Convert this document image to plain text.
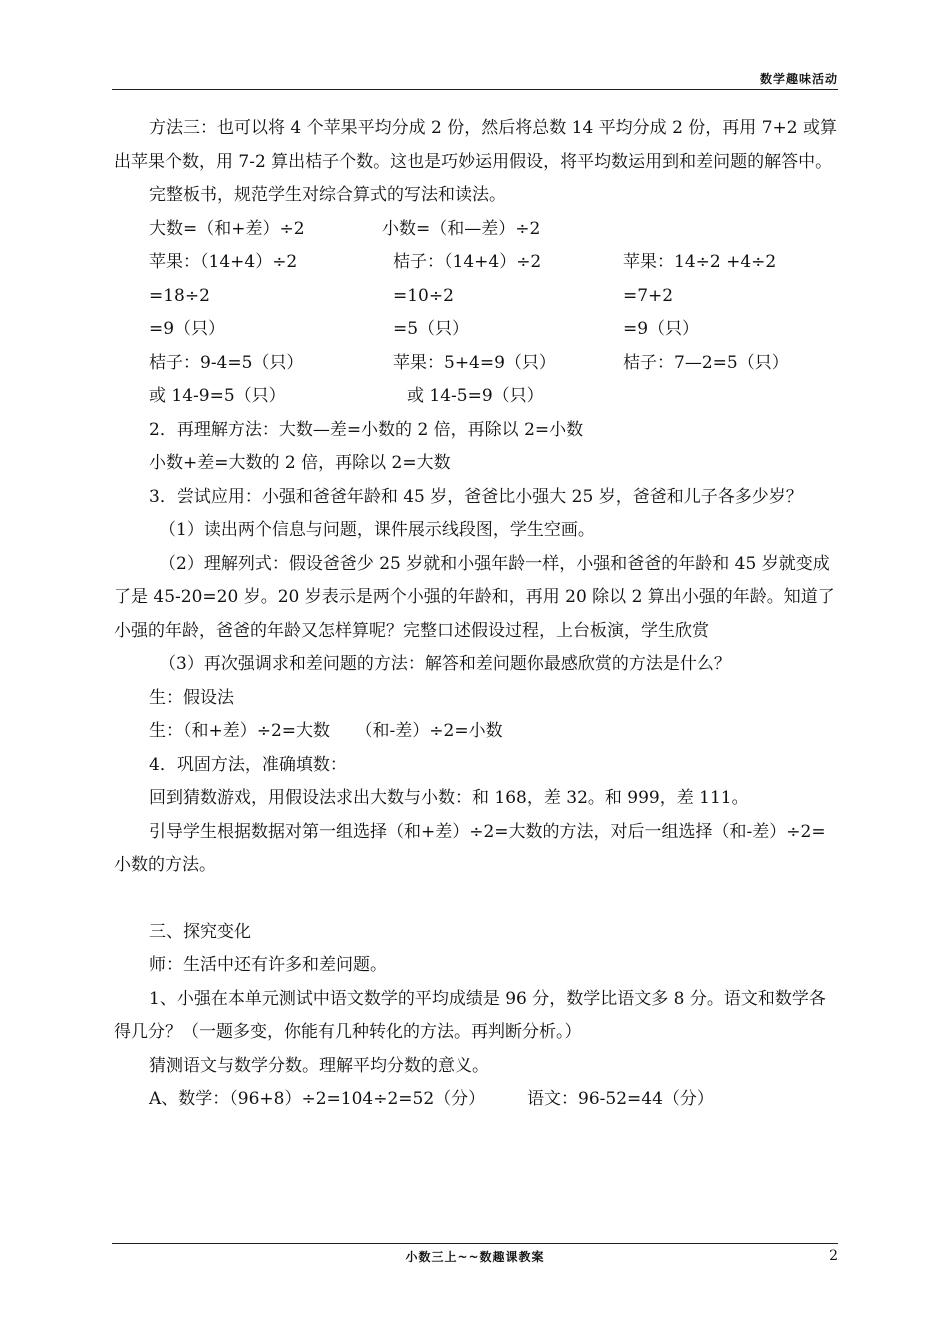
数学趣味活动

方法三：也可以将 4 个苹果平均分成 2 份，然后将总数 14 平均分成 2 份，再用 7+2 或算出苹果个数，用 7-2 算出桔子个数。这也是巧妙运用假设，将平均数运用到和差问题的解答中。

完整板书，规范学生对综合算式的写法和读法。

大数=（和+差）÷2	小数=（和—差）÷2
苹果：（14+4）÷2	桔子：（14+4）÷2	苹果：14÷2 +4÷2
=18÷2	=10÷2	=7+2
=9（只）	=5（只）	=9（只）
桔子：9-4=5（只）	苹果：5+4=9（只）	桔子：7—2=5（只）
或 14-9=5（只）	或 14-5=9（只）

2．再理解方法：大数—差=小数的 2 倍，再除以 2=小数

小数+差=大数的 2 倍，再除以 2=大数

3．尝试应用：小强和爸爸年龄和 45 岁，爸爸比小强大 25 岁，爸爸和儿子各多少岁？

（1）读出两个信息与问题，课件展示线段图，学生空画。

（2）理解列式：假设爸爸少 25 岁就和小强年龄一样，小强和爸爸的年龄和 45 岁就变成了是 45-20=20 岁。20 岁表示是两个小强的年龄和，再用 20 除以 2 算出小强的年龄。知道了小强的年龄，爸爸的年龄又怎样算呢？完整口述假设过程，上台板演，学生欣赏

（3）再次强调求和差问题的方法：解答和差问题你最感欣赏的方法是什么？

生：假设法

生：（和+差）÷2=大数　　（和-差）÷2=小数

4．巩固方法，准确填数：

回到猜数游戏，用假设法求出大数与小数：和 168，差 32。和 999，差 111。

引导学生根据数据对第一组选择（和+差）÷2=大数的方法，对后一组选择（和-差）÷2=小数的方法。

三、探究变化

师：生活中还有许多和差问题。

1、小强在本单元测试中语文数学的平均成绩是 96 分，数学比语文多 8 分。语文和数学各得几分？（一题多变，你能有几种转化的方法。再判断分析。）

猜测语文与数学分数。理解平均分数的意义。

A、数学：（96+8）÷2=104÷2=52（分）	语文：96-52=44（分）
小数三上~~数趣课教案	2
